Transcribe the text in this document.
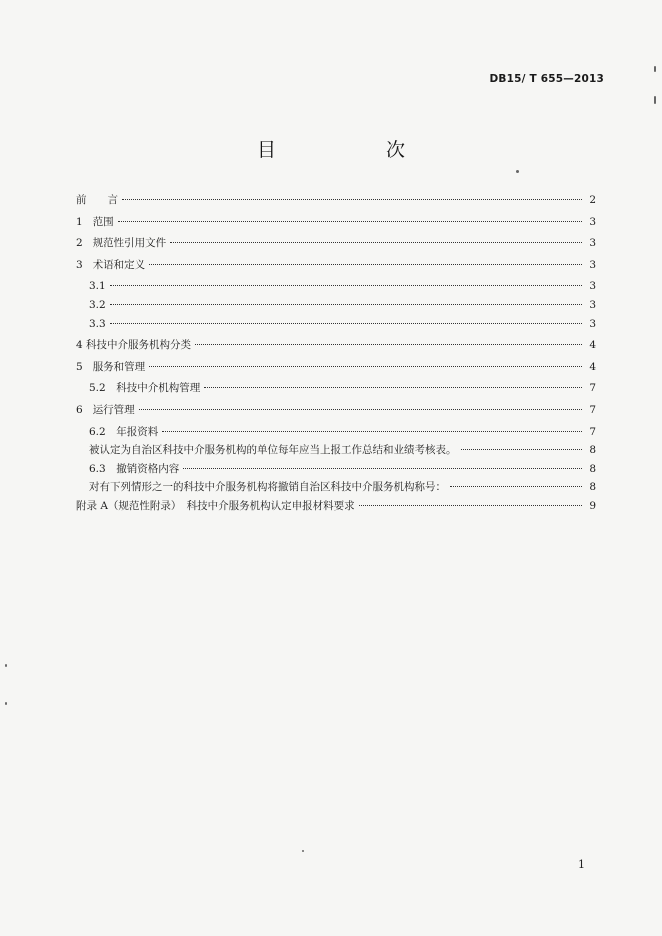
DB15/ T 655—2013
目 次
前　　言	2
1 范围	3
2 规范性引用文件	3
3 术语和定义	3
3.1	3
3.2	3
3.3	3
4 科技中介服务机构分类	4
5 服务和管理	4
5.2　科技中介机构管理	7
6 运行管理	7
6.2　年报资料	7
被认定为自治区科技中介服务机构的单位每年应当上报工作总结和业绩考核表。	8
6.3　撤销资格内容	8
对有下列情形之一的科技中介服务机构将撤销自治区科技中介服务机构称号：	8
附录 A（规范性附录）　科技中介服务机构认定申报材料要求	9
1
